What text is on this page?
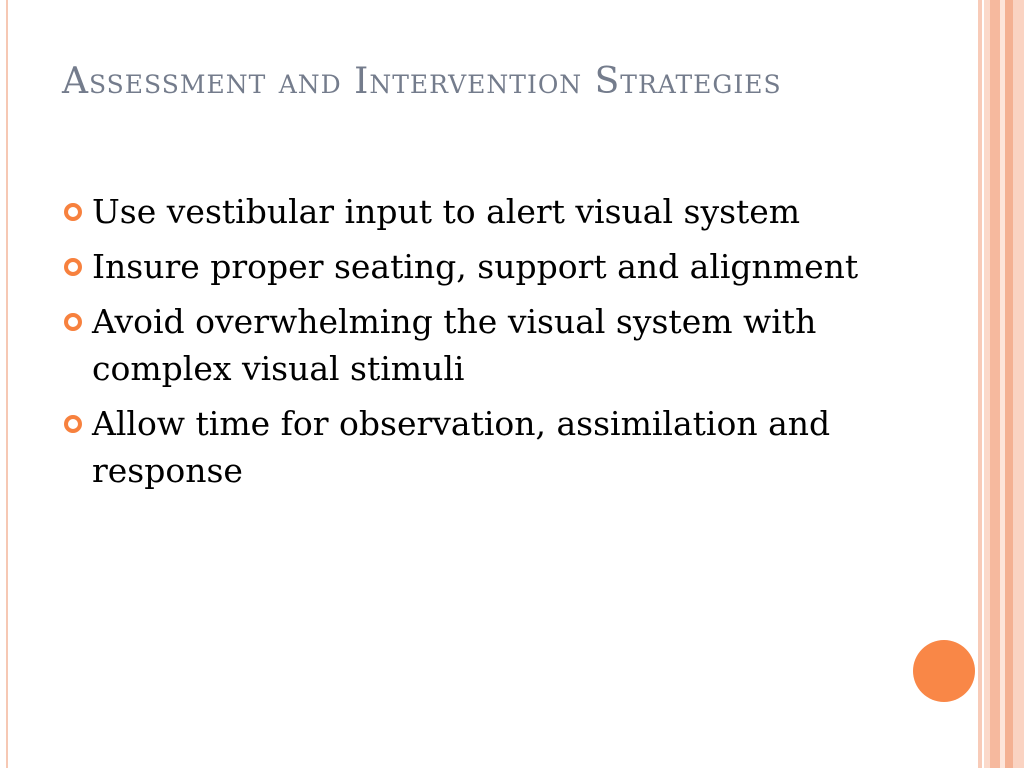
Assessment and Intervention Strategies
Use vestibular input to alert visual system
Insure proper seating, support and alignment
Avoid overwhelming the visual system with complex visual stimuli
Allow time for observation, assimilation and response
